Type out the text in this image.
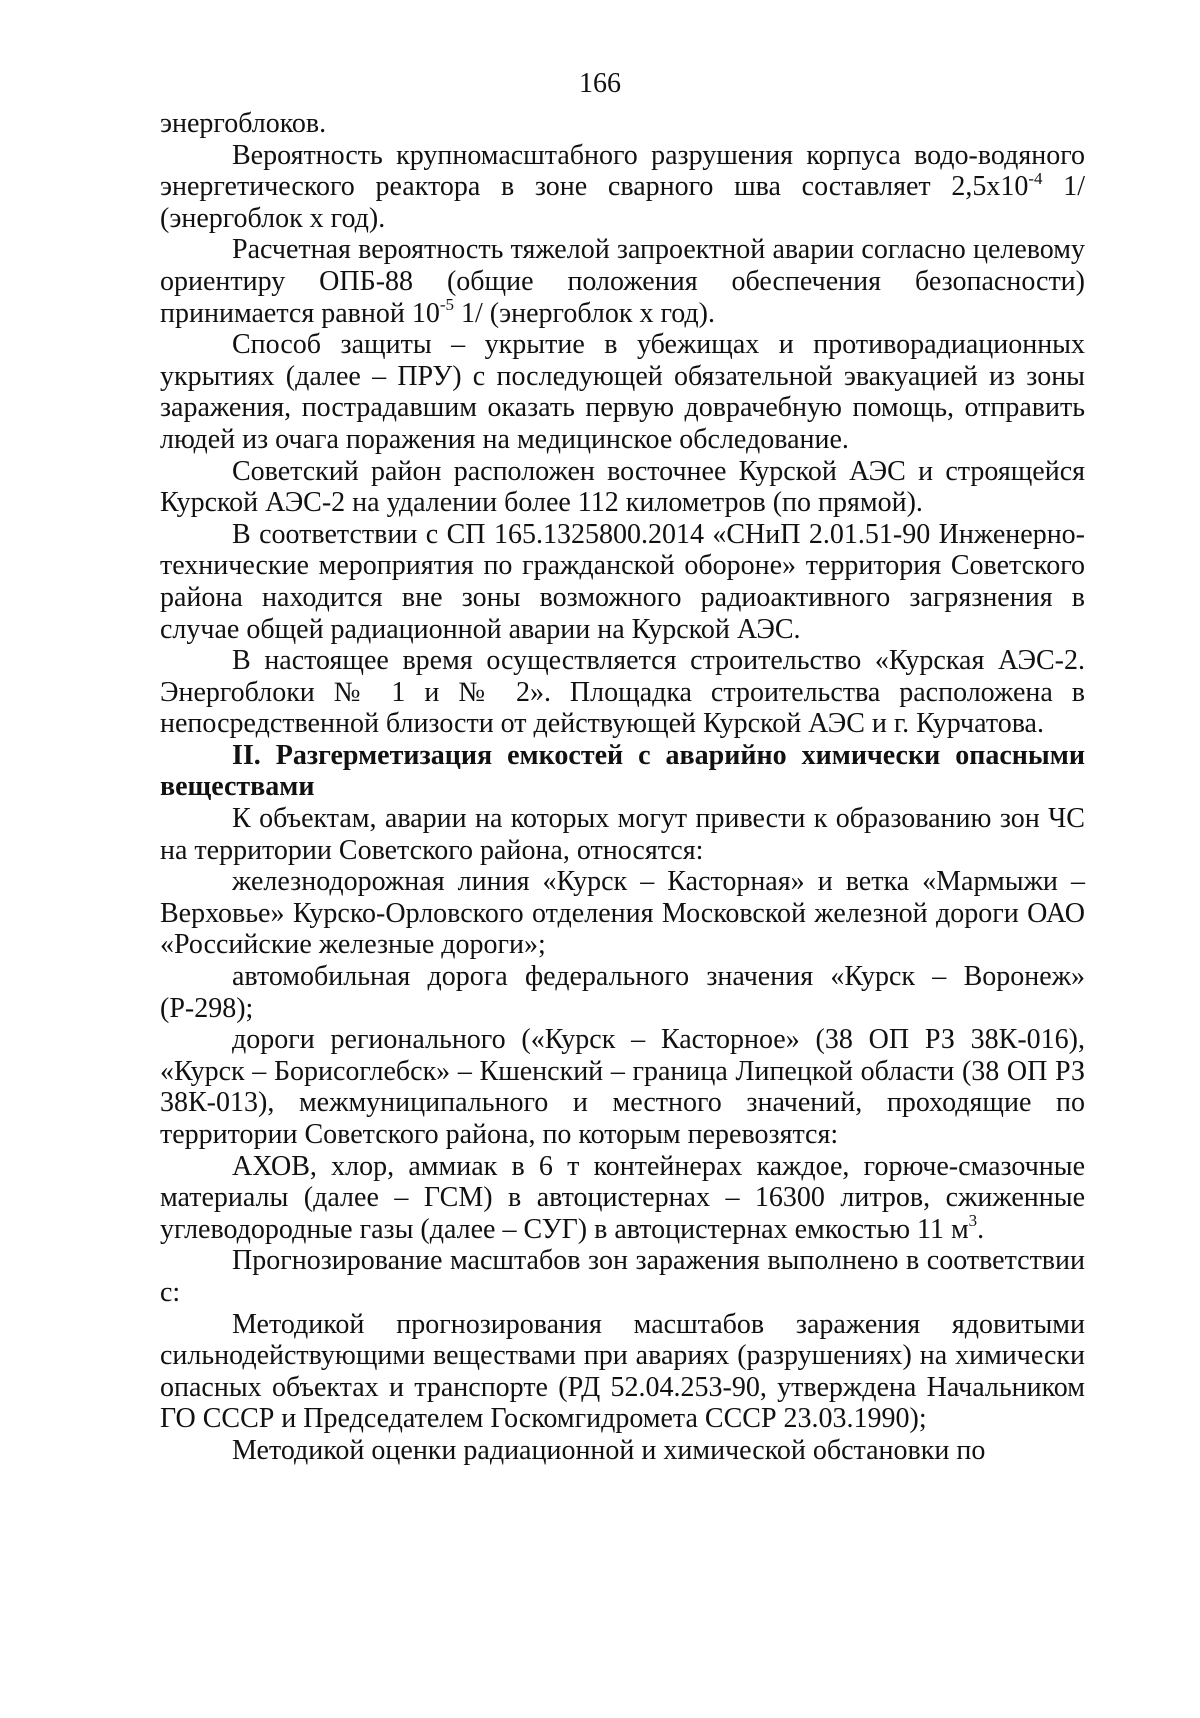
166

энергоблоков.

Вероятность крупномасштабного разрушения корпуса водо-водяного энергетического реактора в зоне сварного шва составляет $2,5х10^{-4}$ 1/ (энергоблок х год).

Расчетная вероятность тяжелой запроектной аварии согласно целевому ориентиру ОПБ-88 (общие положения обеспечения безопасности) принимается равной $10^{-5}$ 1/ (энергоблок х год).

Способ защиты – укрытие в убежищах и противорадиационных укрытиях (далее – ПРУ) с последующей обязательной эвакуацией из зоны заражения, пострадавшим оказать первую доврачебную помощь, отправить людей из очага поражения на медицинское обследование.

Советский район расположен восточнее Курской АЭС и строящейся Курской АЭС-2 на удалении более 112 километров (по прямой).

В соответствии с СП 165.1325800.2014 «СНиП 2.01.51-90 Инженерно-технические мероприятия по гражданской обороне» территория Советского района находится вне зоны возможного радиоактивного загрязнения в случае общей радиационной аварии на Курской АЭС.

В настоящее время осуществляется строительство «Курская АЭС-2. Энергоблоки № 1 и № 2». Площадка строительства расположена в непосредственной близости от действующей Курской АЭС и г. Курчатова.

II. Разгерметизация емкостей с аварийно химически опасными веществами

К объектам, аварии на которых могут привести к образованию зон ЧС на территории Советского района, относятся:

железнодорожная линия «Курск – Касторная» и ветка «Мармыжи – Верховье» Курско-Орловского отделения Московской железной дороги ОАО «Российские железные дороги»;

автомобильная дорога федерального значения «Курск – Воронеж» (Р-298);

дороги регионального («Курск – Касторное» (38 ОП РЗ 38К-016), «Курск – Борисоглебск» – Кшенский – граница Липецкой области (38 ОП РЗ 38К-013), межмуниципального и местного значений, проходящие по территории Советского района, по которым перевозятся:

АХОВ, хлор, аммиак в 6 т контейнерах каждое, горюче-смазочные материалы (далее – ГСМ) в автоцистернах – 16300 литров, сжиженные углеводородные газы (далее – СУГ) в автоцистернах емкостью 11 $м^3$.

Прогнозирование масштабов зон заражения выполнено в соответствии с:

Методикой прогнозирования масштабов заражения ядовитыми сильнодействующими веществами при авариях (разрушениях) на химически опасных объектах и транспорте (РД 52.04.253-90, утверждена Начальником ГО СССР и Председателем Госкомгидромета СССР 23.03.1990);

Методикой оценки радиационной и химической обстановки по
